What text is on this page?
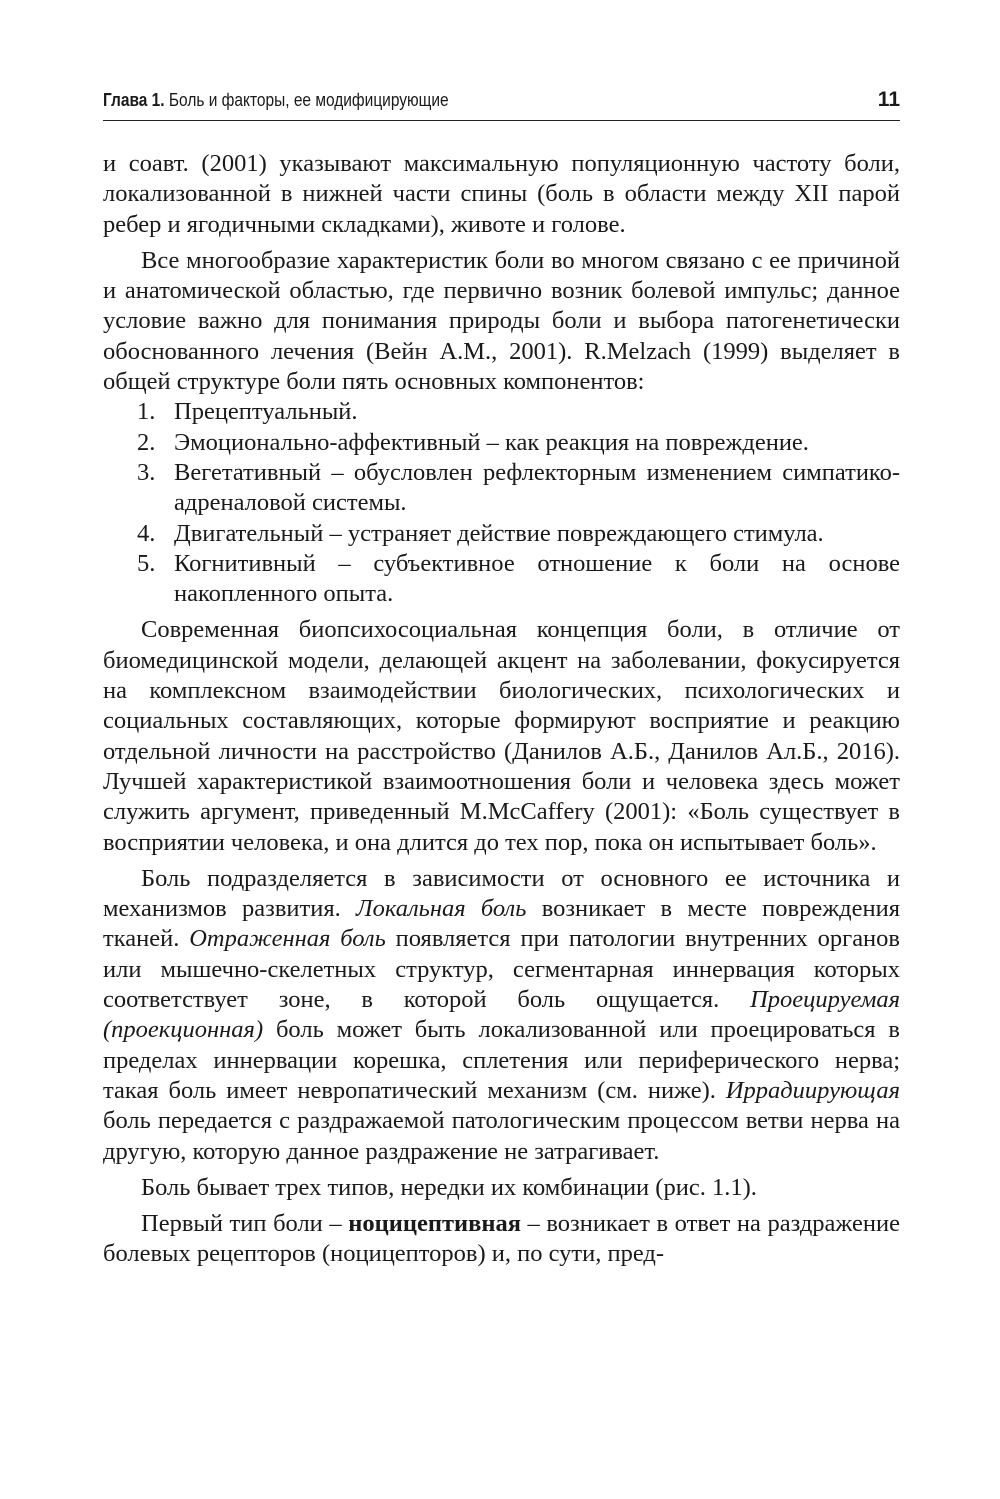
Глава 1. Боль и факторы, ее модифицирующие	11

и соавт. (2001) указывают максимальную популяционную частоту боли, локализованной в нижней части спины (боль в области между XII парой ребер и ягодичными складками), животе и голове.

Все многообразие характеристик боли во многом связано с ее причиной и анатомической областью, где первично возник болевой импульс; данное условие важно для понимания природы боли и выбора патогенетически обоснованного лечения (Вейн А.М., 2001). R.Melzach (1999) выделяет в общей структуре боли пять основных компонентов:

1. Прецептуальный.
2. Эмоционально-аффективный – как реакция на повреждение.
3. Вегетативный – обусловлен рефлекторным изменением симпатико-адреналовой системы.
4. Двигательный – устраняет действие повреждающего стимула.
5. Когнитивный – субъективное отношение к боли на основе накопленного опыта.

Современная биопсихосоциальная концепция боли, в отличие от биомедицинской модели, делающей акцент на заболевании, фокусируется на комплексном взаимодействии биологических, психологических и социальных составляющих, которые формируют восприятие и реакцию отдельной личности на расстройство (Данилов А.Б., Данилов Ал.Б., 2016). Лучшей характеристикой взаимоотношения боли и человека здесь может служить аргумент, приведенный M.McCaffery (2001): «Боль существует в восприятии человека, и она длится до тех пор, пока он испытывает боль».

Боль подразделяется в зависимости от основного ее источника и механизмов развития. Локальная боль возникает в месте повреждения тканей. Отраженная боль появляется при патологии внутренних органов или мышечно-скелетных структур, сегментарная иннервация которых соответствует зоне, в которой боль ощущается. Проецируемая (проекционная) боль может быть локализованной или проецироваться в пределах иннервации корешка, сплетения или периферического нерва; такая боль имеет невропатический механизм (см. ниже). Иррадиирующая боль передается с раздражаемой патологическим процессом ветви нерва на другую, которую данное раздражение не затрагивает.

Боль бывает трех типов, нередки их комбинации (рис. 1.1).

Первый тип боли – ноцицептивная – возникает в ответ на раздражение болевых рецепторов (ноцицепторов) и, по сути, пред-
